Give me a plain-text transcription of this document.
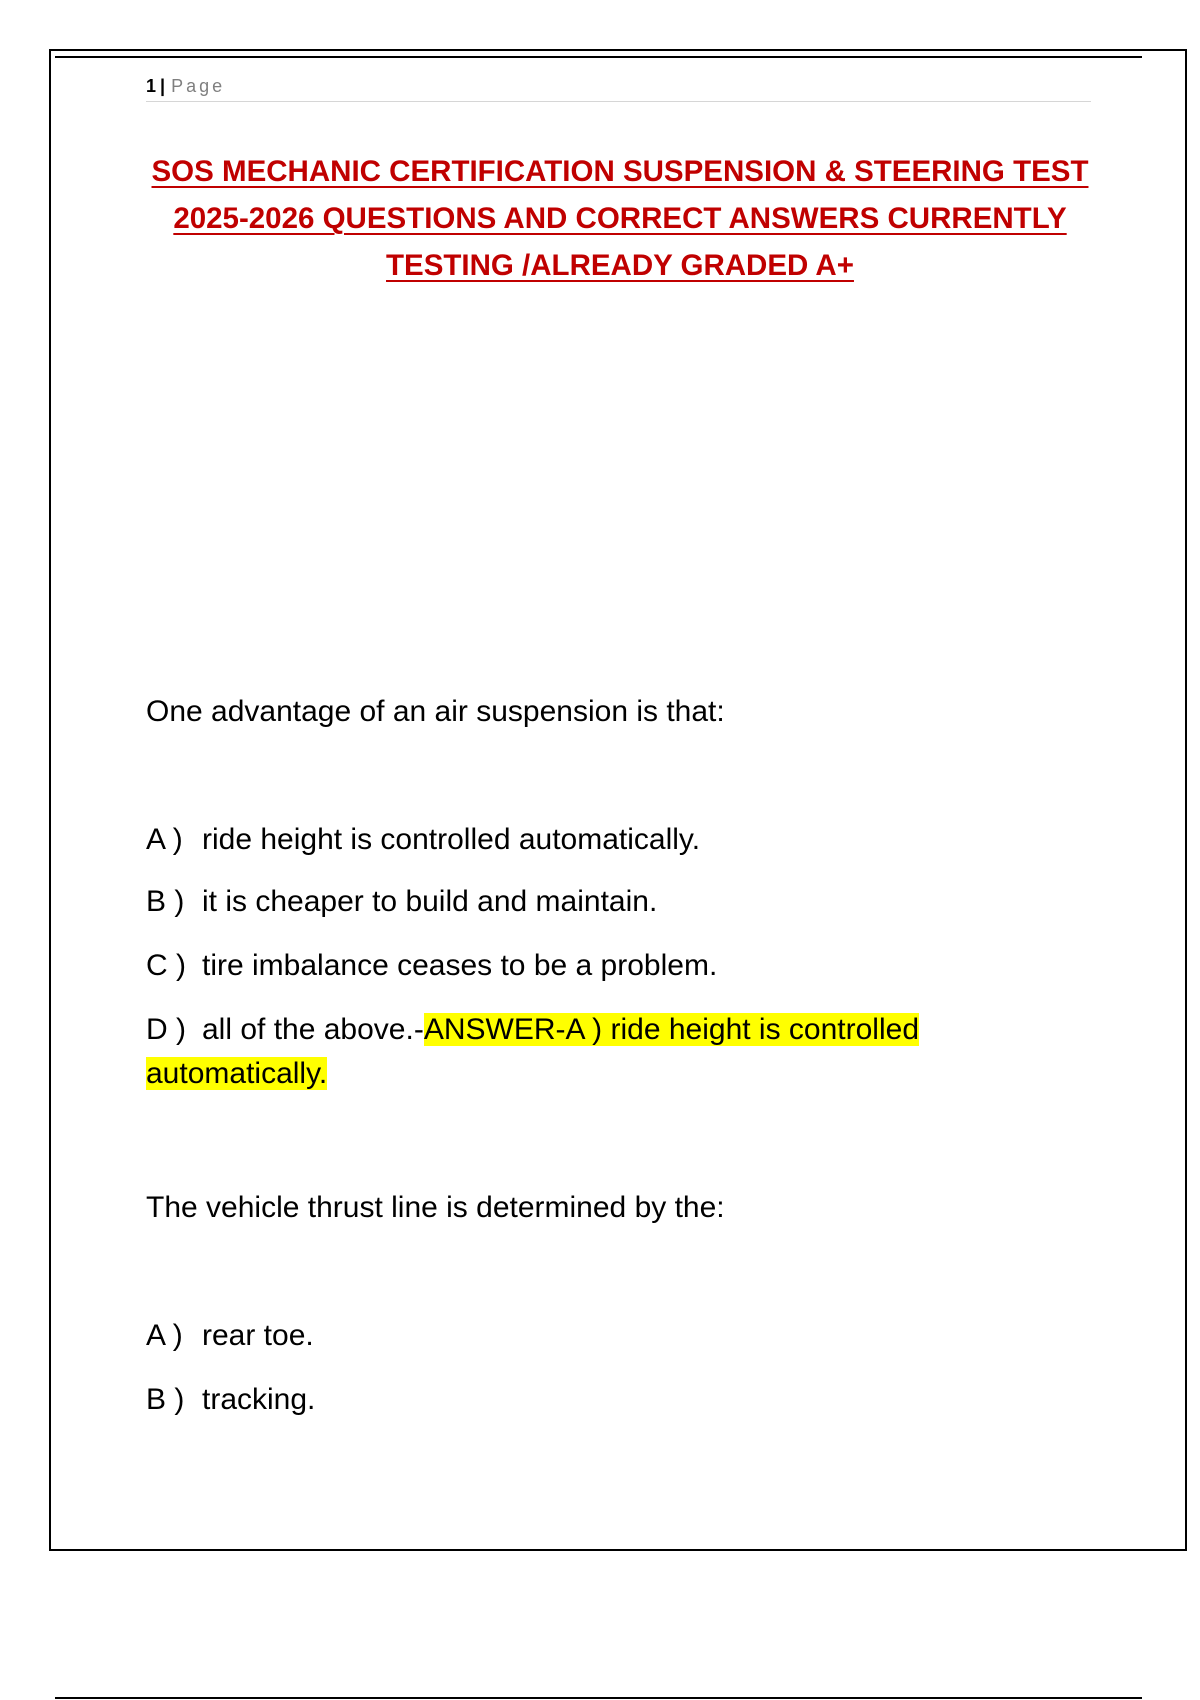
1 | Page
SOS MECHANIC CERTIFICATION SUSPENSION & STEERING TEST
2025-2026 QUESTIONS AND CORRECT ANSWERS CURRENTLY
TESTING /ALREADY GRADED A+
One advantage of an air suspension is that:
A ) ride height is controlled automatically.
B ) it is cheaper to build and maintain.
C ) tire imbalance ceases to be a problem.
D ) all of the above.-ANSWER-A ) ride height is controlled automatically.
The vehicle thrust line is determined by the:
A ) rear toe.
B ) tracking.
